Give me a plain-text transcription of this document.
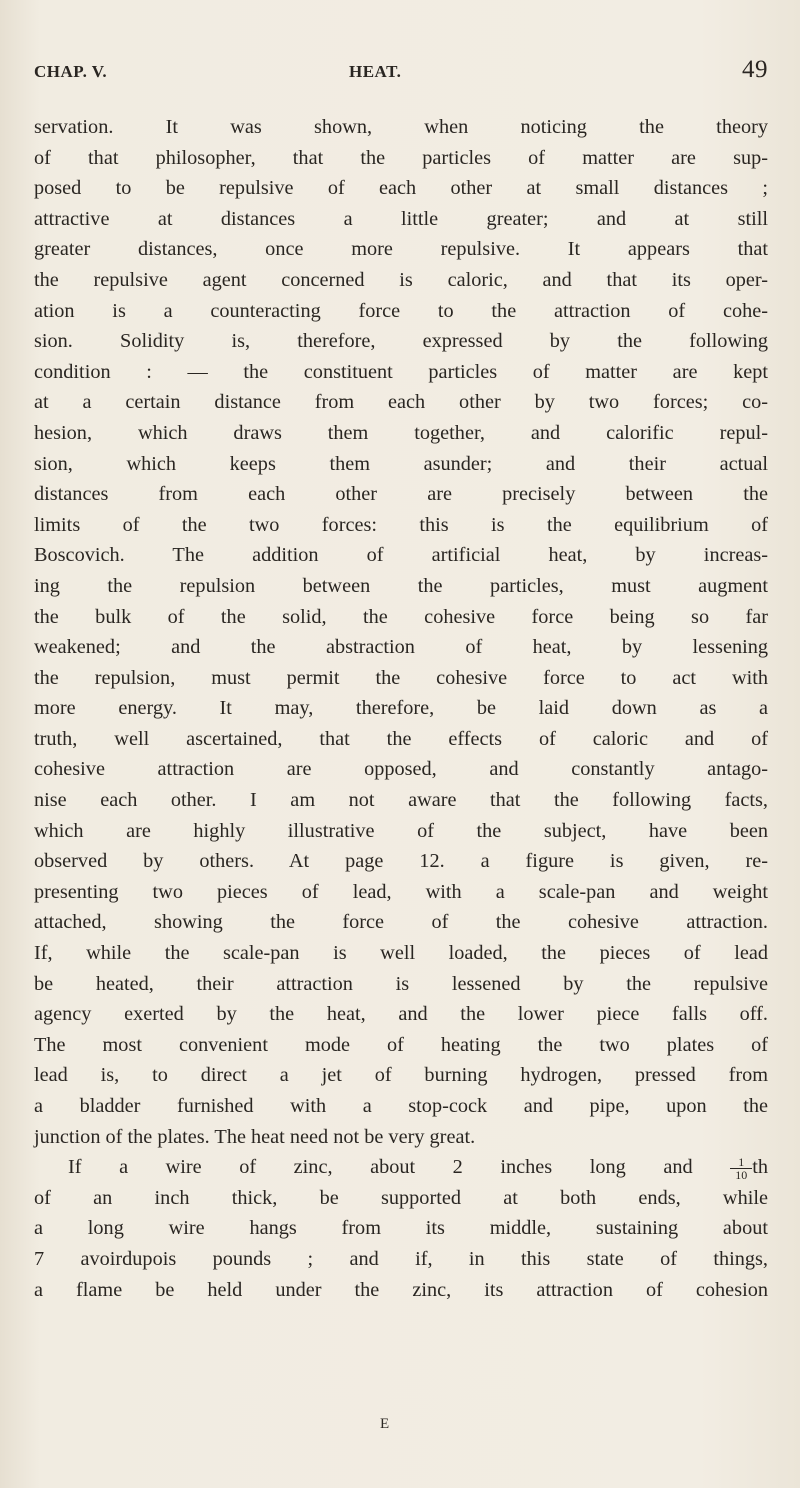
CHAP. V.	HEAT.	49
servation. It was shown, when noticing the theory
of that philosopher, that the particles of matter are sup-
posed to be repulsive of each other at small distances ;
attractive at distances a little greater; and at still
greater distances, once more repulsive. It appears that
the repulsive agent concerned is caloric, and that its oper-
ation is a counteracting force to the attraction of cohe-
sion. Solidity is, therefore, expressed by the following
condition : — the constituent particles of matter are kept
at a certain distance from each other by two forces; co-
hesion, which draws them together, and calorific repul-
sion, which keeps them asunder; and their actual
distances from each other are precisely between the
limits of the two forces: this is the equilibrium of
Boscovich. The addition of artificial heat, by increas-
ing the repulsion between the particles, must augment
the bulk of the solid, the cohesive force being so far
weakened; and the abstraction of heat, by lessening
the repulsion, must permit the cohesive force to act with
more energy. It may, therefore, be laid down as a
truth, well ascertained, that the effects of caloric and of
cohesive attraction are opposed, and constantly antago-
nise each other. I am not aware that the following facts,
which are highly illustrative of the subject, have been
observed by others. At page 12. a figure is given, re-
presenting two pieces of lead, with a scale-pan and weight
attached, showing the force of the cohesive attraction.
If, while the scale-pan is well loaded, the pieces of lead
be heated, their attraction is lessened by the repulsive
agency exerted by the heat, and the lower piece falls off.
The most convenient mode of heating the two plates of
lead is, to direct a jet of burning hydrogen, pressed from
a bladder furnished with a stop-cock and pipe, upon the
junction of the plates. The heat need not be very great.
If a wire of zinc, about 2 inches long and	$\frac{1}{10}$ th
of an inch thick, be supported at both ends, while
a long wire hangs from its middle, sustaining about
7 avoirdupois pounds ; and if, in this state of things,
a flame be held under the zinc, its attraction of cohesion
E
